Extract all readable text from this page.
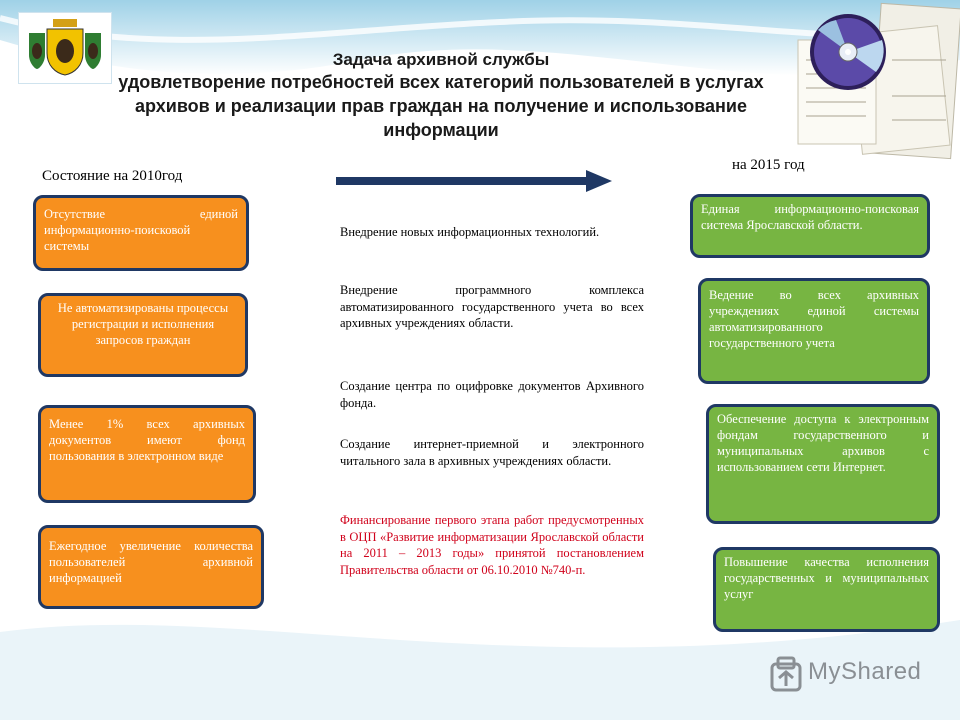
Задача архивной службы
удовлетворение потребностей всех категорий пользователей в услугах архивов и реализации прав граждан на получение и использование информации
Состояние на 2010год
на 2015 год
Отсутствие единой информационно-поисковой системы
Не автоматизированы процессы регистрации и исполнения запросов граждан
Менее 1% всех архивных документов имеют фонд пользования в электронном виде
Ежегодное увеличение количества пользователей архивной информацией
Внедрение новых информационных технологий.
Внедрение программного комплекса автоматизированного государственного учета во всех архивных учреждениях области.
Создание центра по оцифровке документов Архивного фонда.
Создание интернет-приемной и электронного читального зала в архивных учреждениях области.
Финансирование первого этапа работ предусмотренных в ОЦП «Развитие информатизации Ярославской области на 2011 – 2013 годы» принятой постановлением Правительства области от 06.10.2010 №740-п.
Единая информационно-поисковая система Ярославской области.
Ведение во всех архивных учреждениях единой системы автоматизированного государственного учета
Обеспечение доступа к электронным фондам государственного и муниципальных архивов с использованием сети Интернет.
Повышение качества исполнения государственных и муниципальных услуг
MyShared
